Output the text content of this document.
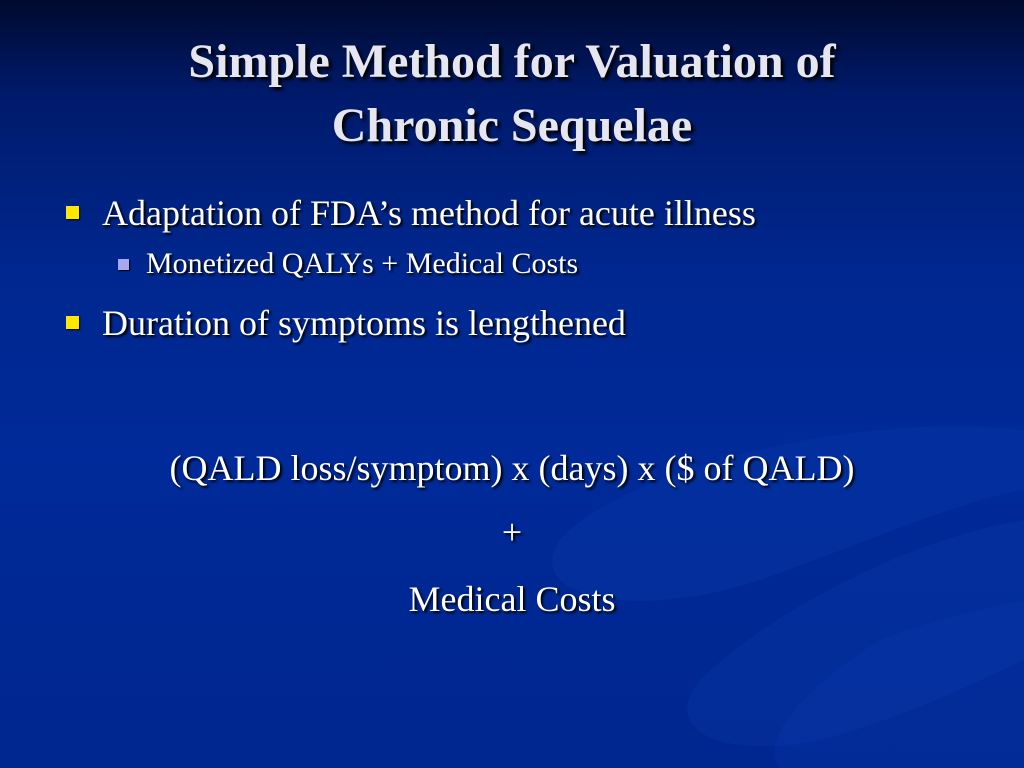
Simple Method for Valuation of
Chronic Sequelae
Adaptation of FDA’s method for acute illness
Monetized QALYs + Medical Costs
Duration of symptoms is lengthened
(QALD loss/symptom) x (days) x ($ of QALD)
+
Medical Costs
